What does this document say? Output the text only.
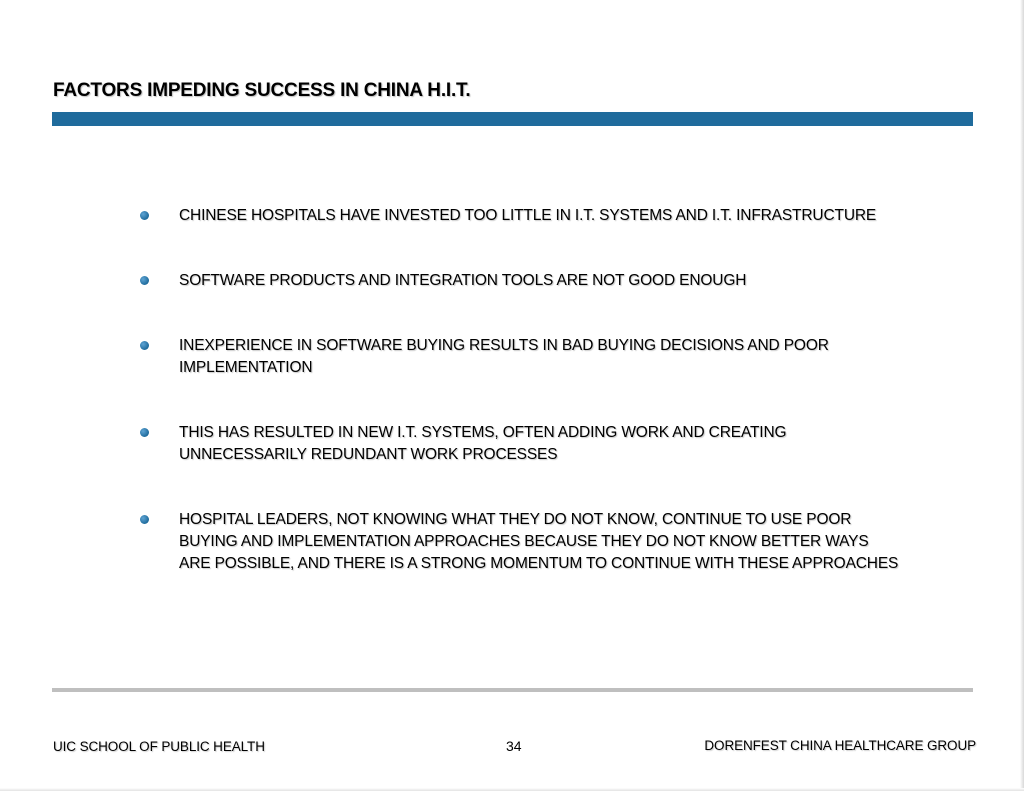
FACTORS IMPEDING SUCCESS IN CHINA H.I.T.
CHINESE HOSPITALS HAVE INVESTED TOO LITTLE IN I.T. SYSTEMS AND I.T. INFRASTRUCTURE
SOFTWARE PRODUCTS AND INTEGRATION TOOLS ARE NOT GOOD ENOUGH
INEXPERIENCE IN SOFTWARE BUYING RESULTS IN BAD BUYING DECISIONS AND POOR IMPLEMENTATION
THIS HAS RESULTED IN NEW I.T. SYSTEMS, OFTEN ADDING WORK AND CREATING UNNECESSARILY REDUNDANT WORK PROCESSES
HOSPITAL LEADERS, NOT KNOWING WHAT THEY DO NOT KNOW, CONTINUE TO USE POOR BUYING AND IMPLEMENTATION APPROACHES BECAUSE THEY DO NOT KNOW BETTER WAYS ARE POSSIBLE, AND THERE IS A STRONG MOMENTUM TO CONTINUE WITH THESE APPROACHES
UIC SCHOOL OF PUBLIC HEALTH	34	DORENFEST CHINA HEALTHCARE GROUP
